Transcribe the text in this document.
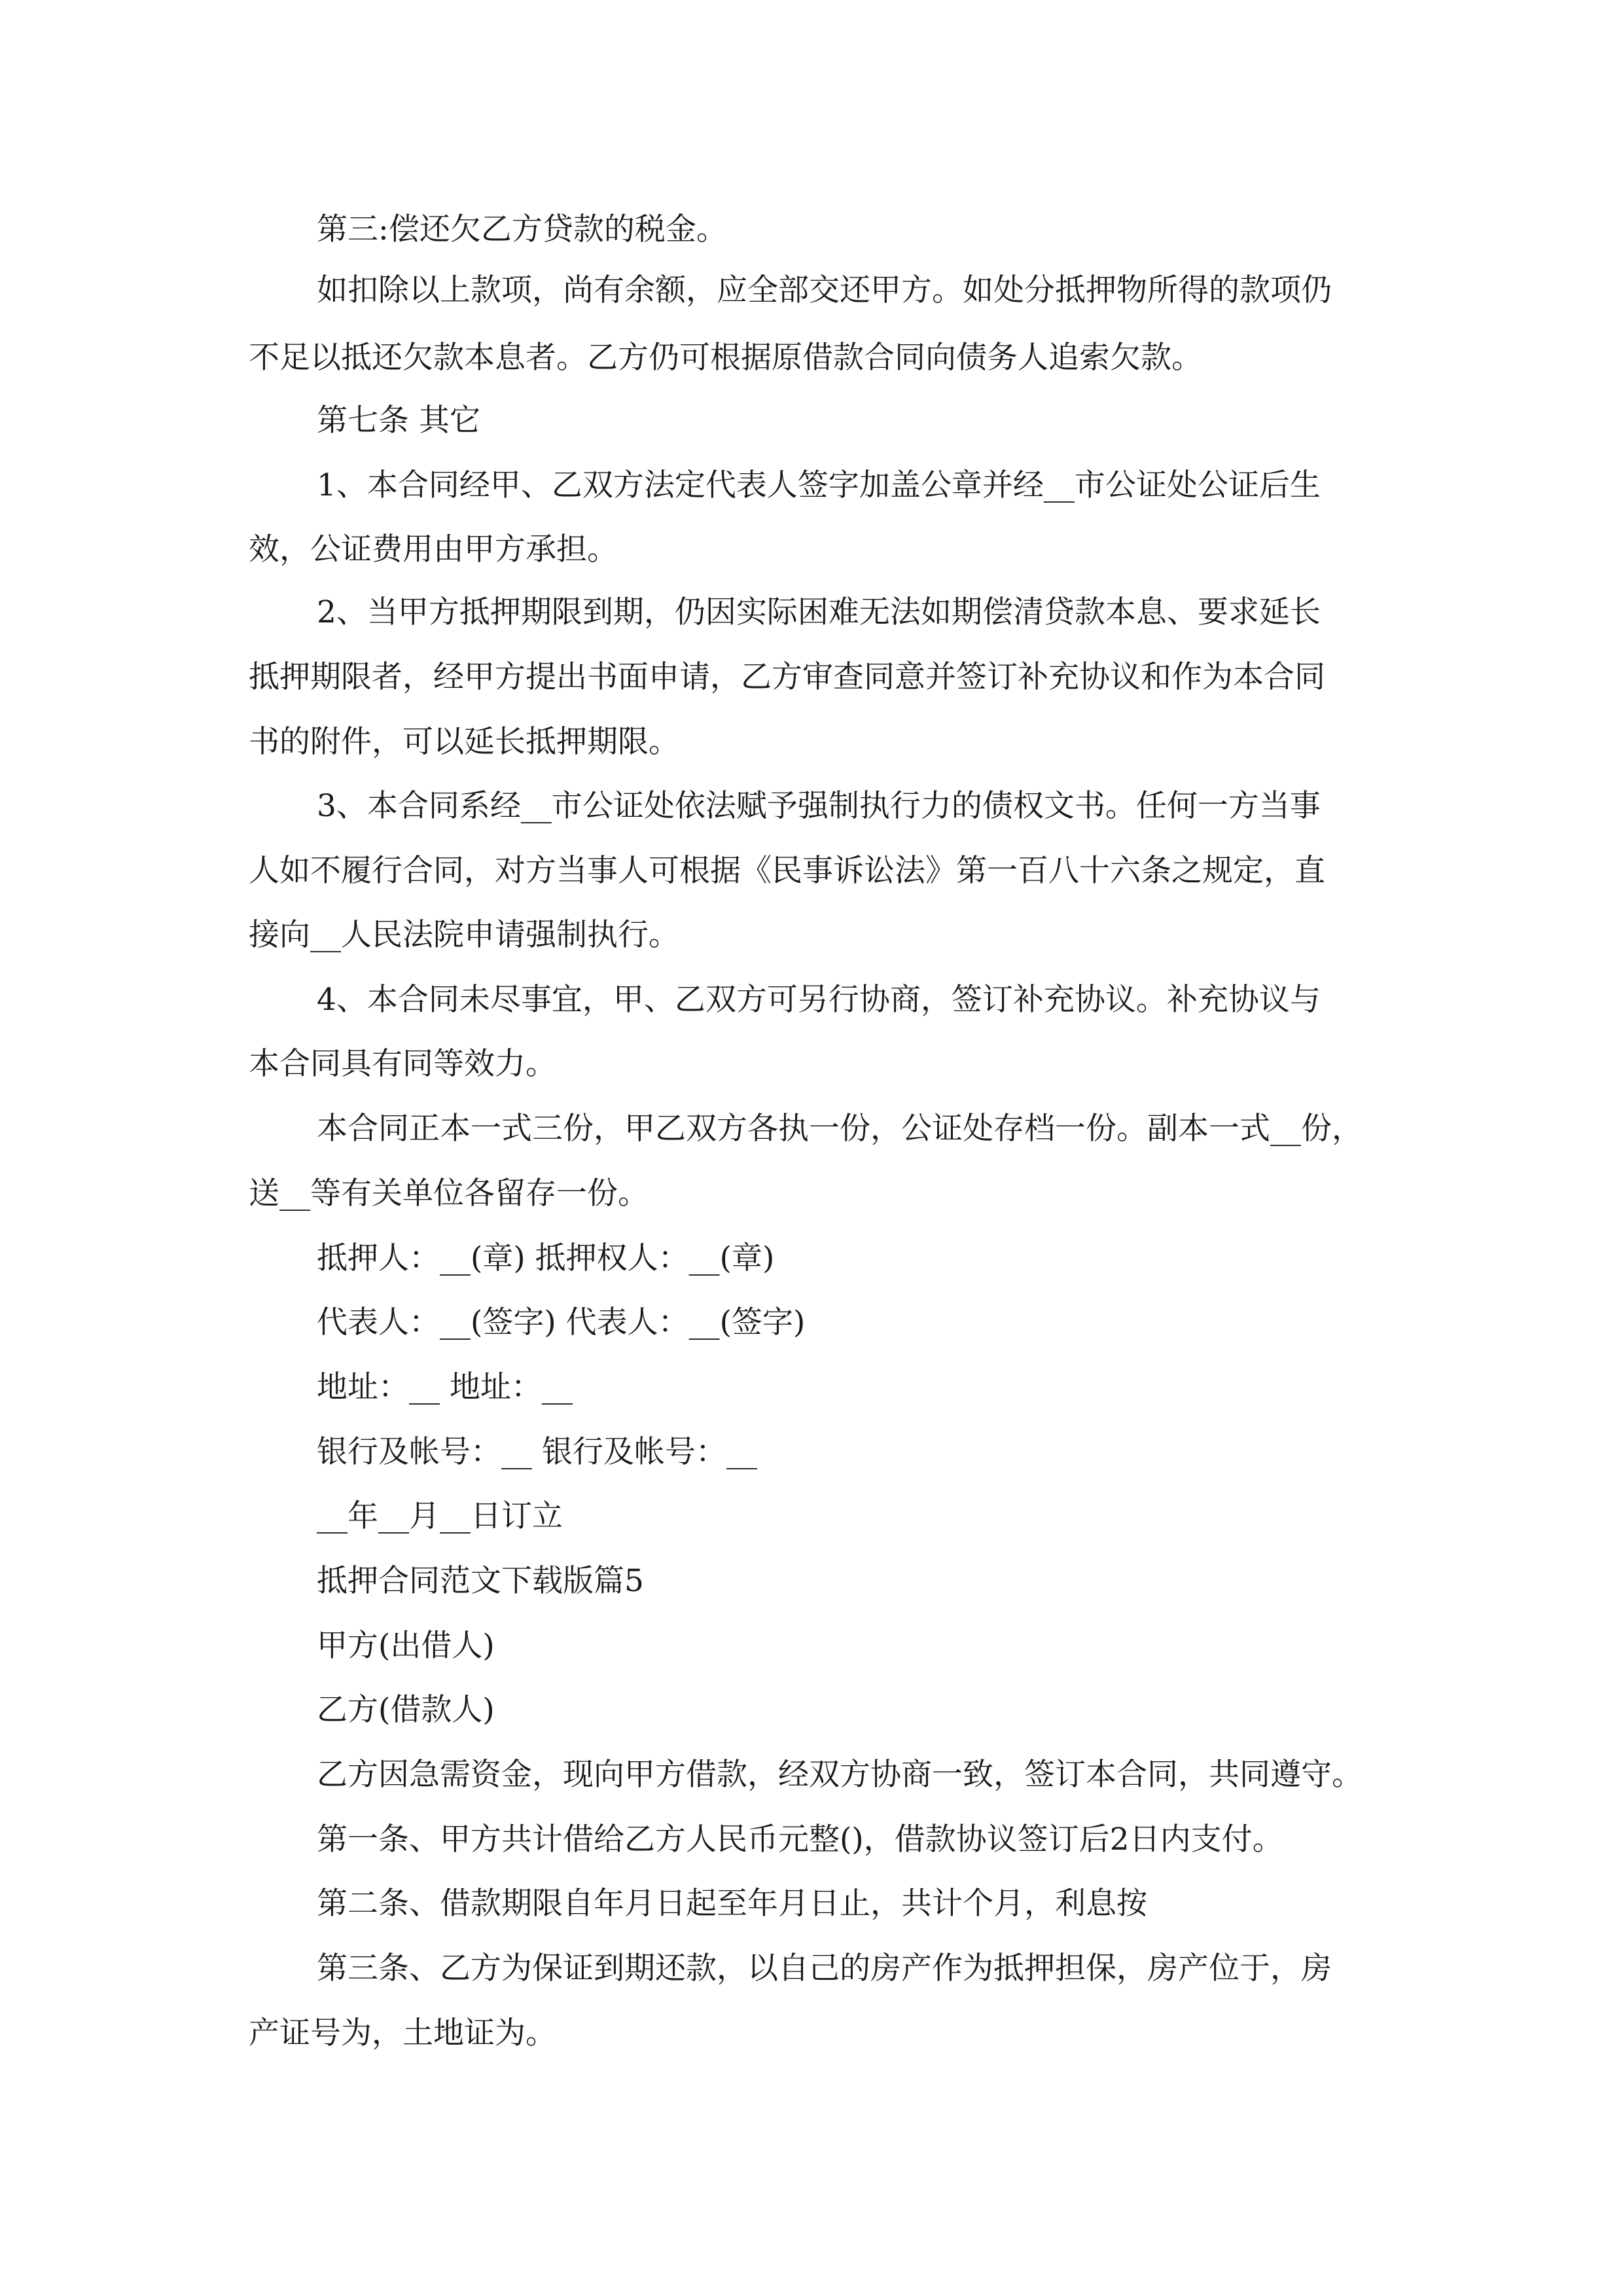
第三:偿还欠乙方贷款的税金。
如扣除以上款项，尚有余额，应全部交还甲方。如处分抵押物所得的款项仍
不足以抵还欠款本息者。乙方仍可根据原借款合同向债务人追索欠款。
第七条 其它
1、本合同经甲、乙双方法定代表人签字加盖公章并经__市公证处公证后生
效，公证费用由甲方承担。
2、当甲方抵押期限到期，仍因实际困难无法如期偿清贷款本息、要求延长
抵押期限者，经甲方提出书面申请，乙方审查同意并签订补充协议和作为本合同
书的附件，可以延长抵押期限。
3、本合同系经__市公证处依法赋予强制执行力的债权文书。任何一方当事
人如不履行合同，对方当事人可根据《民事诉讼法》第一百八十六条之规定，直
接向__人民法院申请强制执行。
4、本合同未尽事宜，甲、乙双方可另行协商，签订补充协议。补充协议与
本合同具有同等效力。
本合同正本一式三份，甲乙双方各执一份，公证处存档一份。副本一式__份，
送__等有关单位各留存一份。
抵押人：__(章) 抵押权人：__(章)
代表人：__(签字) 代表人：__(签字)
地址：__ 地址：__
银行及帐号：__ 银行及帐号：__
__年__月__日订立
抵押合同范文下载版篇5
甲方(出借人)
乙方(借款人)
乙方因急需资金，现向甲方借款，经双方协商一致，签订本合同，共同遵守。
第一条、甲方共计借给乙方人民币元整()，借款协议签订后2日内支付。
第二条、借款期限自年月日起至年月日止，共计个月，利息按
第三条、乙方为保证到期还款，以自己的房产作为抵押担保，房产位于，房
产证号为，土地证为。
